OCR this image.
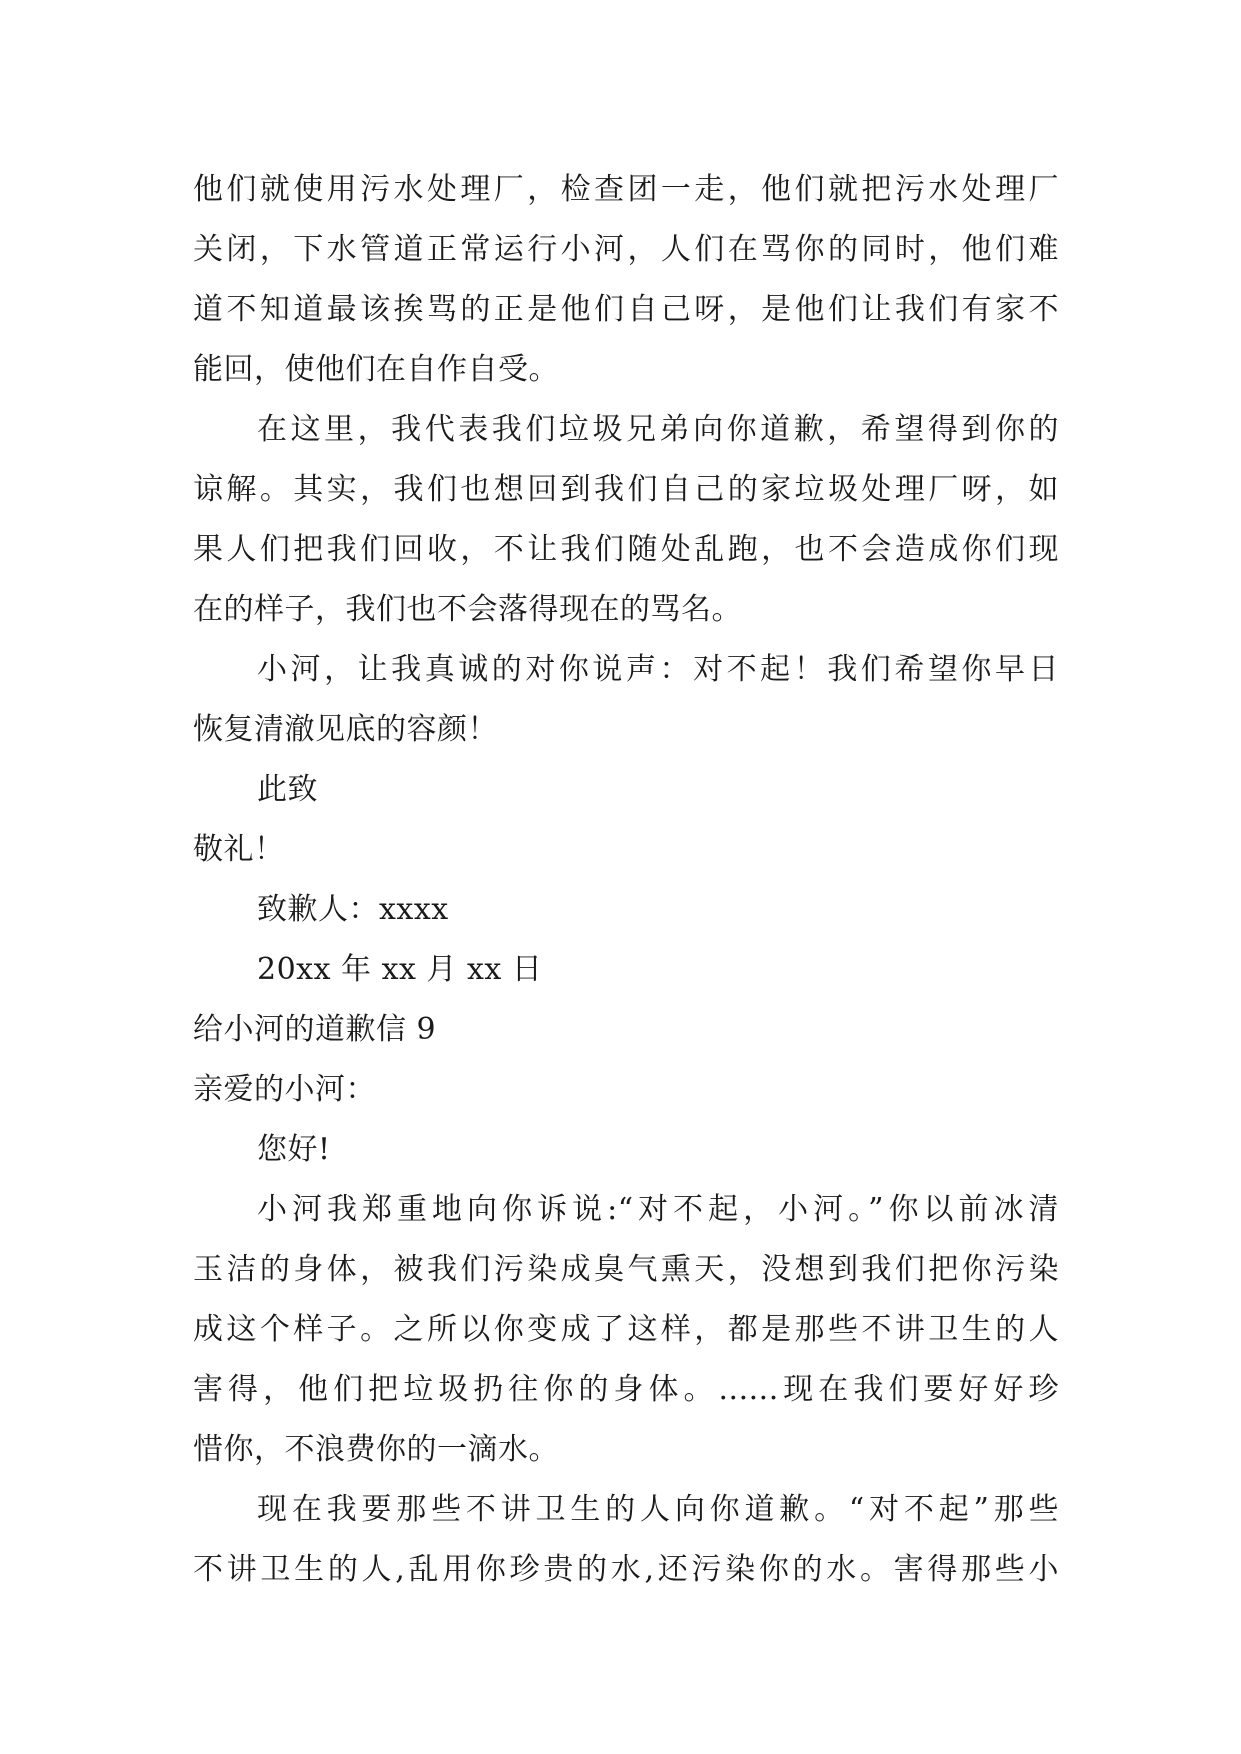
他们就使用污水处理厂，检查团一走，他们就把污水处理厂
关闭，下水管道正常运行小河，人们在骂你的同时，他们难
道不知道最该挨骂的正是他们自己呀，是他们让我们有家不
能回，使他们在自作自受。
在这里，我代表我们垃圾兄弟向你道歉，希望得到你的
谅解。其实，我们也想回到我们自己的家垃圾处理厂呀，如
果人们把我们回收，不让我们随处乱跑，也不会造成你们现
在的样子，我们也不会落得现在的骂名。
小河，让我真诚的对你说声：对不起！我们希望你早日
恢复清澈见底的容颜！
此致
敬礼！
致歉人：xxxx
20xx 年 xx 月 xx 日
给小河的道歉信 9
亲爱的小河：
您好!
小河我郑重地向你诉说:“对不起，小河。”你以前冰清
玉洁的身体，被我们污染成臭气熏天，没想到我们把你污染
成这个样子。之所以你变成了这样，都是那些不讲卫生的人
害得，他们把垃圾扔往你的身体。......现在我们要好好珍
惜你，不浪费你的一滴水。
现在我要那些不讲卫生的人向你道歉。“对不起”那些
不讲卫生的人,乱用你珍贵的水,还污染你的水。害得那些小
